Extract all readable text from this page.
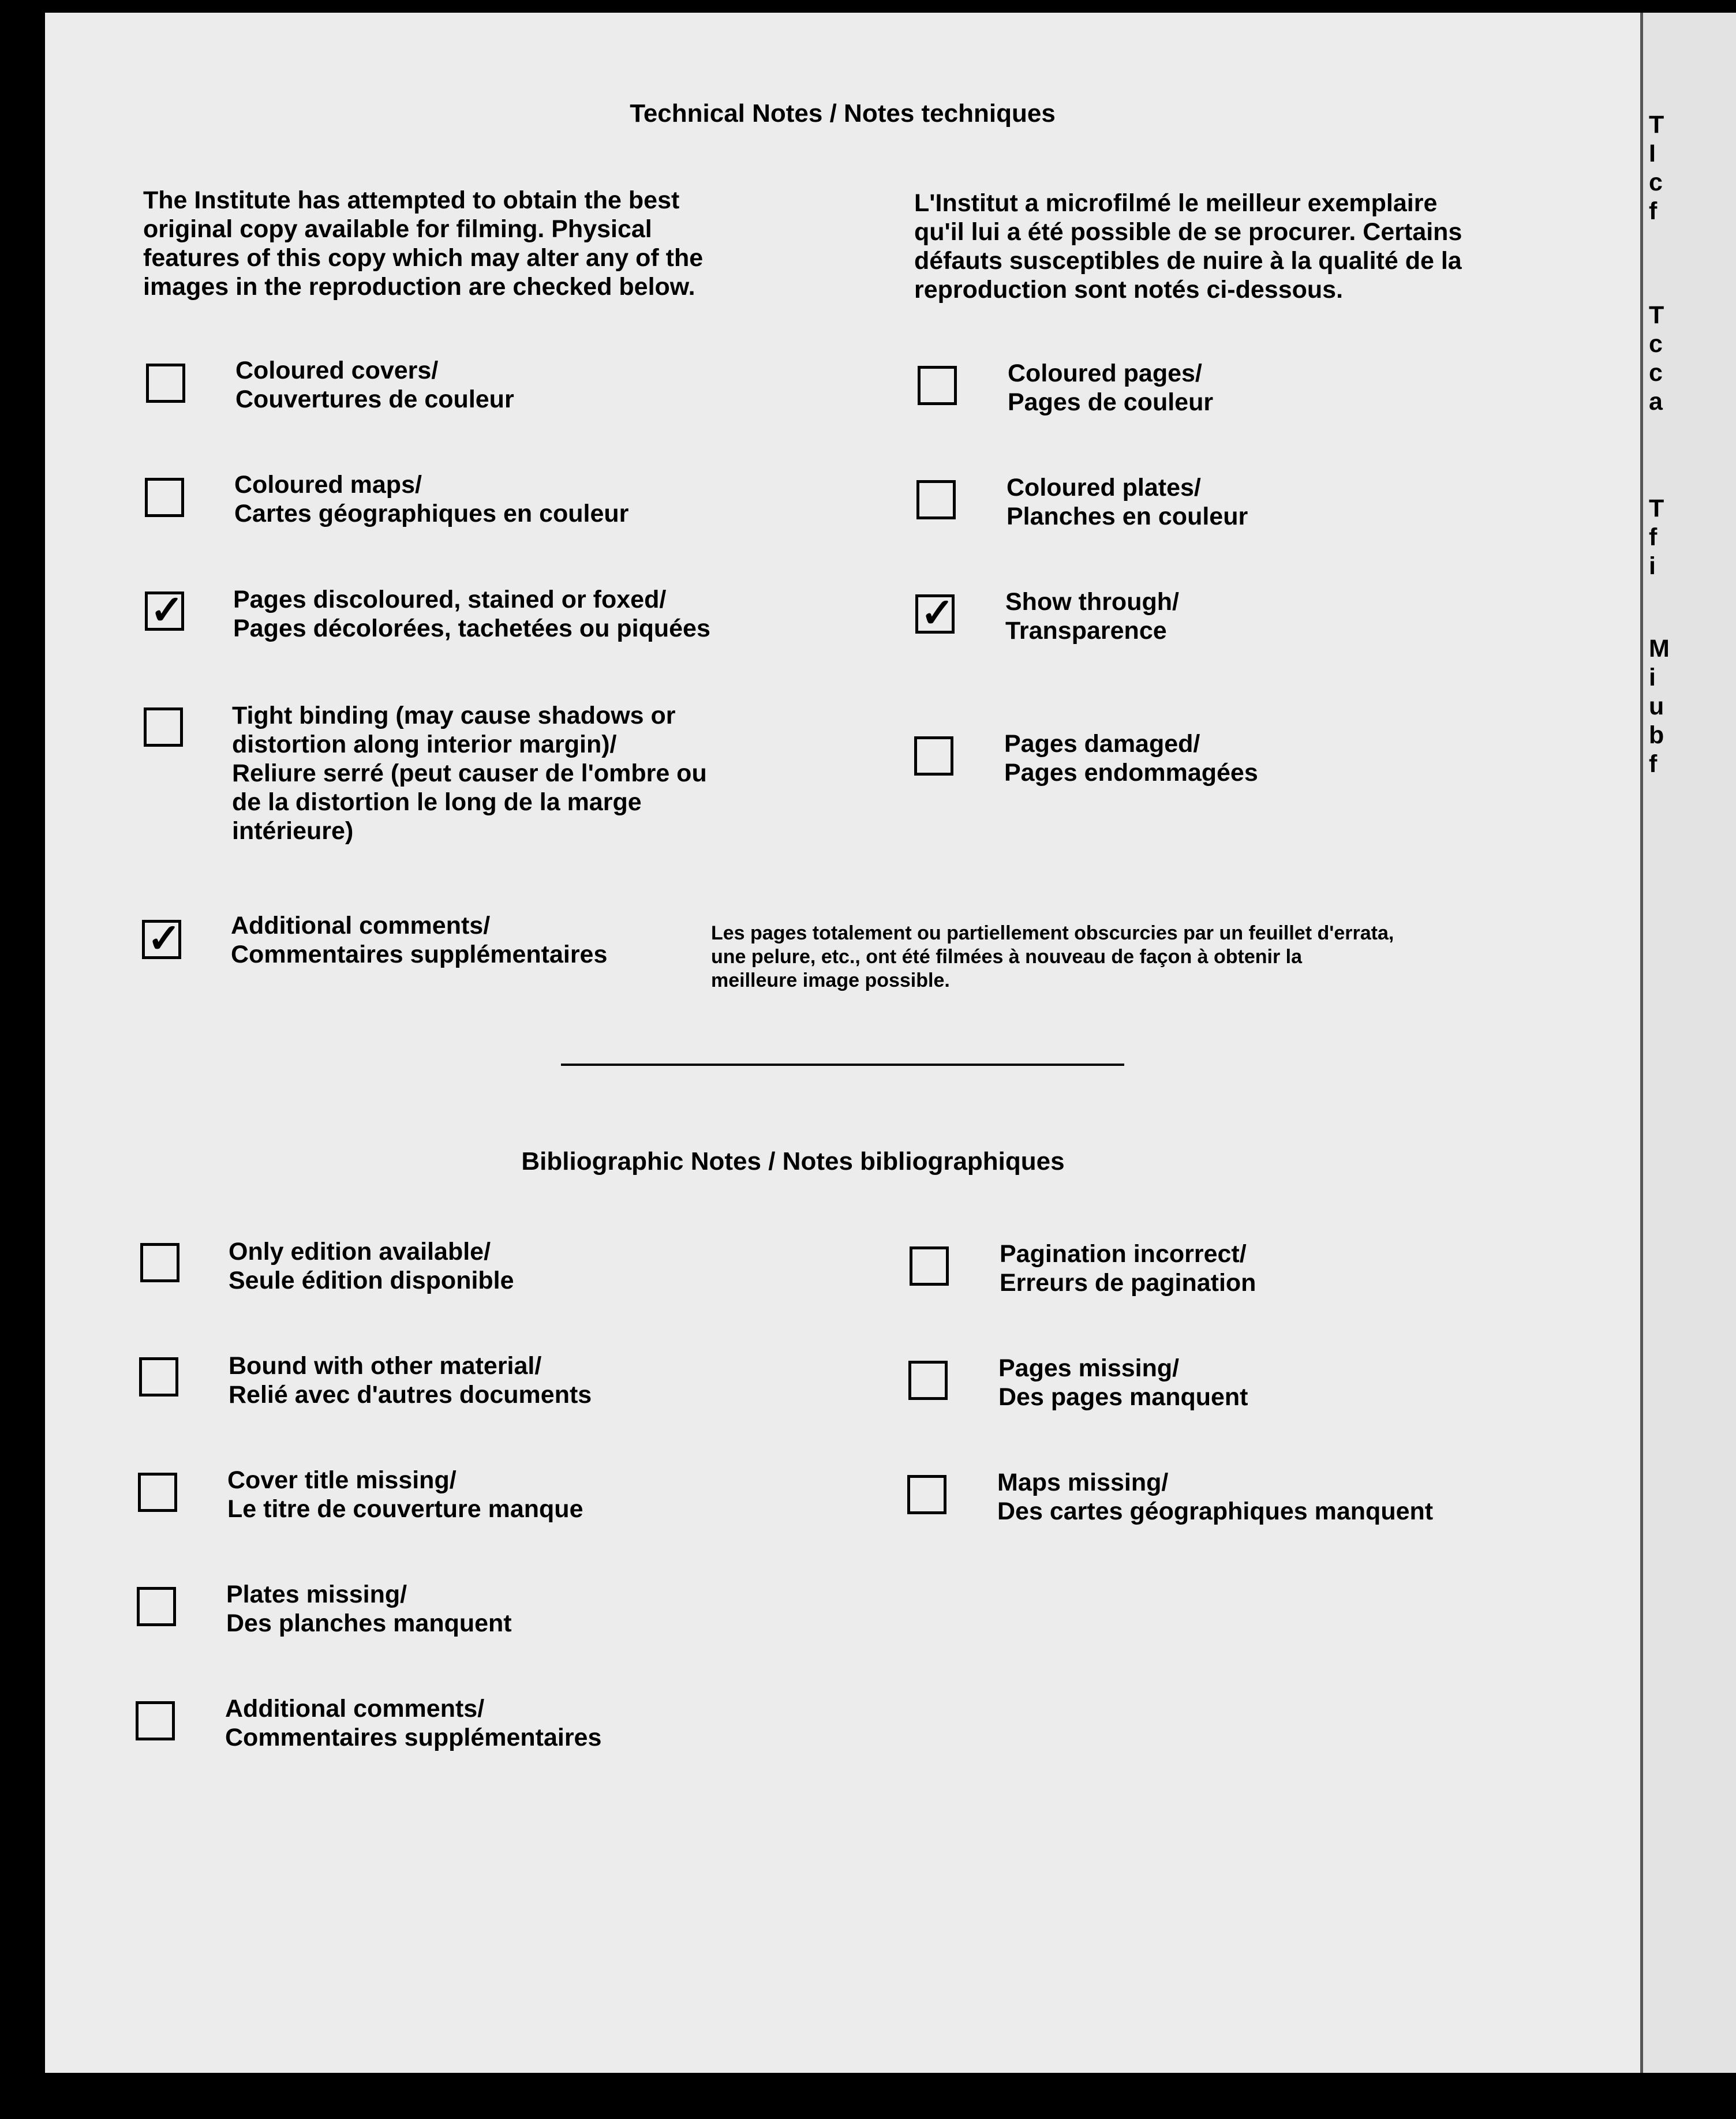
Technical Notes / Notes techniques
The Institute has attempted to obtain the best
original copy available for filming. Physical
features of this copy which may alter any of the
images in the reproduction are checked below.
L'Institut a microfilmé le meilleur exemplaire
qu'il lui a été possible de se procurer. Certains
défauts susceptibles de nuire à la qualité de la
reproduction sont notés ci-dessous.
Coloured covers/
Couvertures de couleur
Coloured maps/
Cartes géographiques en couleur
✓ Pages discoloured, stained or foxed/
Pages décolorées, tachetées ou piquées
Tight binding (may cause shadows or
distortion along interior margin)/
Reliure serré (peut causer de l'ombre ou
de la distortion le long de la marge
intérieure)
Coloured pages/
Pages de couleur
Coloured plates/
Planches en couleur
✓ Show through/
Transparence
Pages damaged/
Pages endommagées
✓ Additional comments/
Commentaires supplémentaires
Les pages totalement ou partiellement obscurcies par un feuillet d'errata,
une pelure, etc., ont été filmées à nouveau de façon à obtenir la
meilleure image possible.
Bibliographic Notes / Notes bibliographiques
Only edition available/
Seule édition disponible
Bound with other material/
Relié avec d'autres documents
Cover title missing/
Le titre de couverture manque
Plates missing/
Des planches manquent
Additional comments/
Commentaires supplémentaires
Pagination incorrect/
Erreurs de pagination
Pages missing/
Des pages manquent
Maps missing/
Des cartes géographiques manquent
T
I
c
f
T
c
c
a
T
f
i
M
i
u
b
f
